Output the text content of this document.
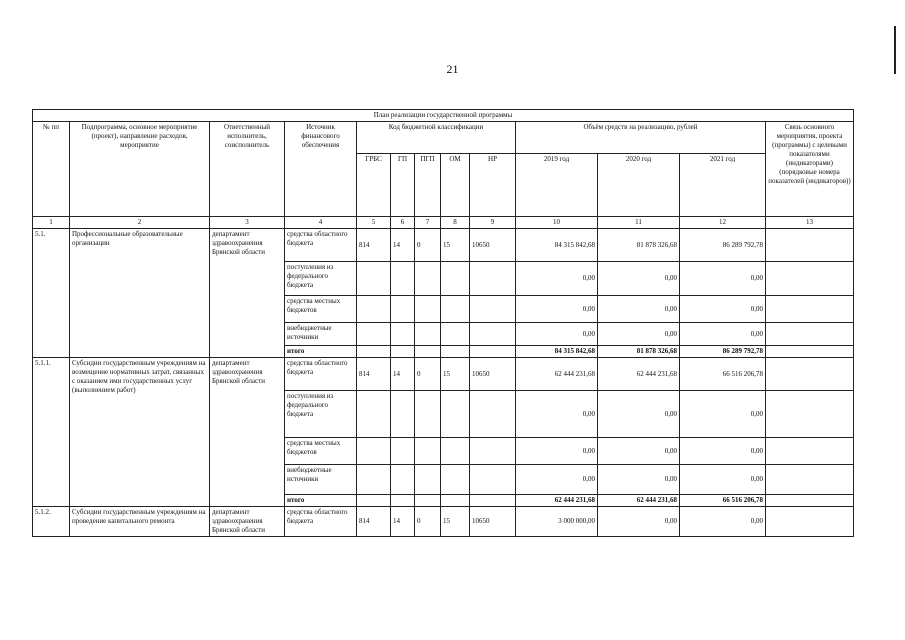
21
План реализации государственной программы												
№ пп	Подпрограмма, основное мероприятие (проект), направление расходов, мероприятие	Ответственный исполнитель, соисполнитель	Источник финансового обеспечения	Код бюджетной классификации					Объём средств на реализацию, рублей			Связь основного мероприятия, проекта (программы) с целевыми показателями (индикаторами) (порядковые номера показателей (индикаторов))
				ГРБС	ГП	ПГП	ОМ	НР	2019 год	2020 год	2021 год	
1	2	3	4	5	6	7	8	9	10	11	12	13
5.1.	Профессиональные образовательные организации	департамент здравоохранения Брянской области	средства областного бюджета	814	14	0	15	10650	84 315 842,68	81 878 326,68	86 289 792,78	
			поступления из федерального бюджета						0,00	0,00	0,00	
			средства местных бюджетов						0,00	0,00	0,00	
			внебюджетные источники						0,00	0,00	0,00	
			итого						84 315 842,68	81 878 326,68	86 289 792,78	
5.1.1.	Субсидии государственным учреждениям на возмещение нормативных затрат, связанных с оказанием ими государственных услуг (выполнением работ)	департамент здравоохранения Брянской области	средства областного бюджета	814	14	0	15	10650	62 444 231,68	62 444 231,68	66 516 206,78	
			поступления из федерального бюджета						0,00	0,00	0,00	
			средства местных бюджетов						0,00	0,00	0,00	
			внебюджетные источники						0,00	0,00	0,00	
			итого						62 444 231,68	62 444 231,68	66 516 206,78	
5.1.2.	Субсидии государственным учреждениям на проведение капитального ремонта	департамент здравоохранения Брянской области	средства областного бюджета	814	14	0	15	10650	3 000 000,00	0,00	0,00	
